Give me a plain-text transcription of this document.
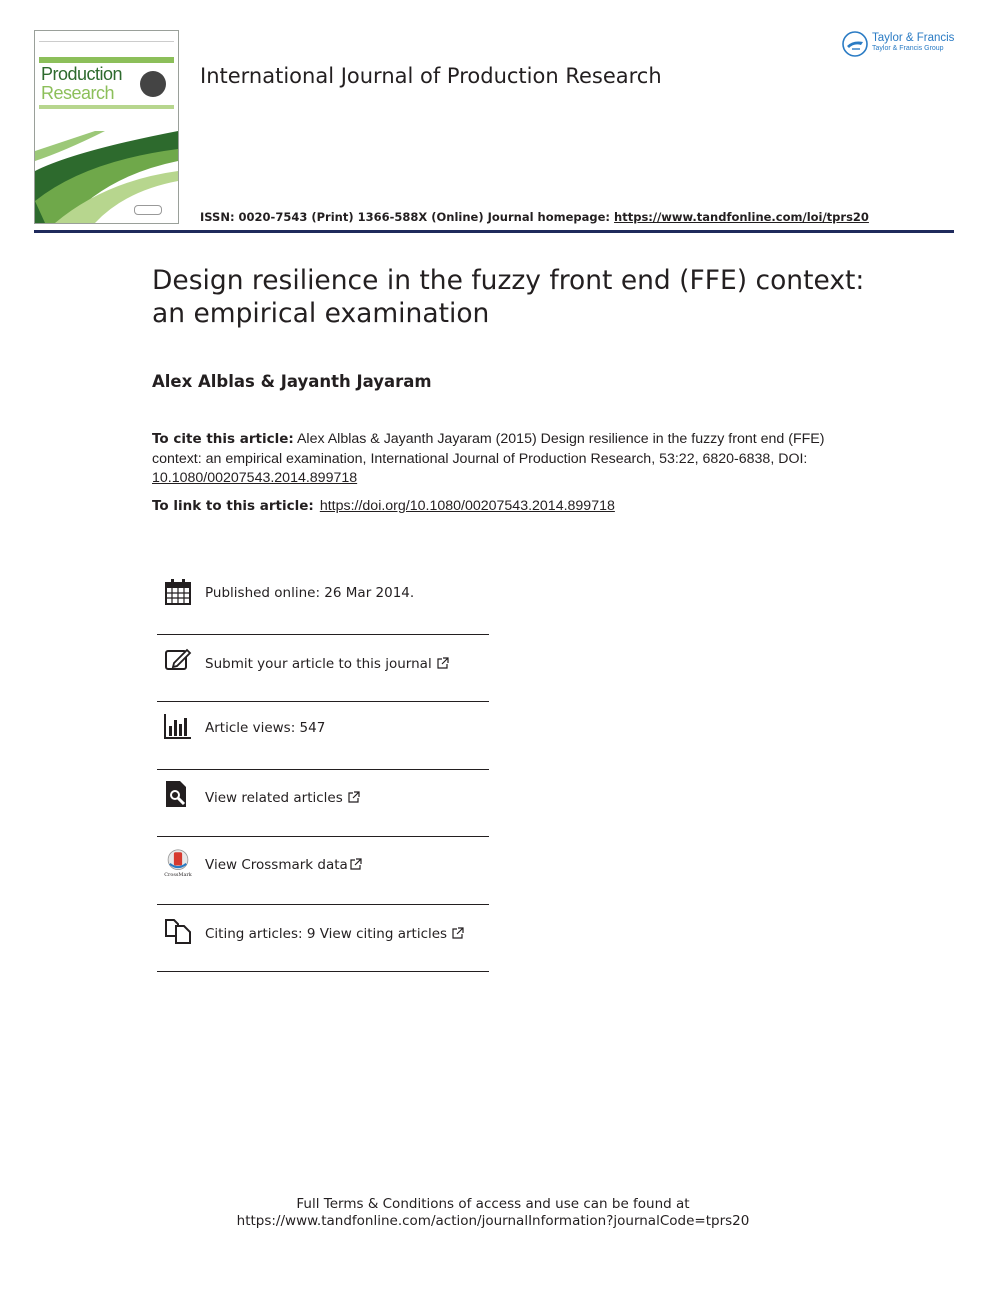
Production
Research
International Journal of Production Research
Taylor & Francis
Taylor & Francis Group
ISSN: 0020-7543 (Print) 1366-588X (Online) Journal homepage: https://www.tandfonline.com/loi/tprs20
Design resilience in the fuzzy front end (FFE) context: an empirical examination
Alex Alblas & Jayanth Jayaram
To cite this article: Alex Alblas & Jayanth Jayaram (2015) Design resilience in the fuzzy front end (FFE) context: an empirical examination, International Journal of Production Research, 53:22, 6820-6838, DOI: 10.1080/00207543.2014.899718
To link to this article: https://doi.org/10.1080/00207543.2014.899718
Published online: 26 Mar 2014.
Submit your article to this journal
Article views: 547
View related articles
CrossMark
View Crossmark data
Citing articles: 9 View citing articles
Full Terms & Conditions of access and use can be found at
https://www.tandfonline.com/action/journalInformation?journalCode=tprs20
